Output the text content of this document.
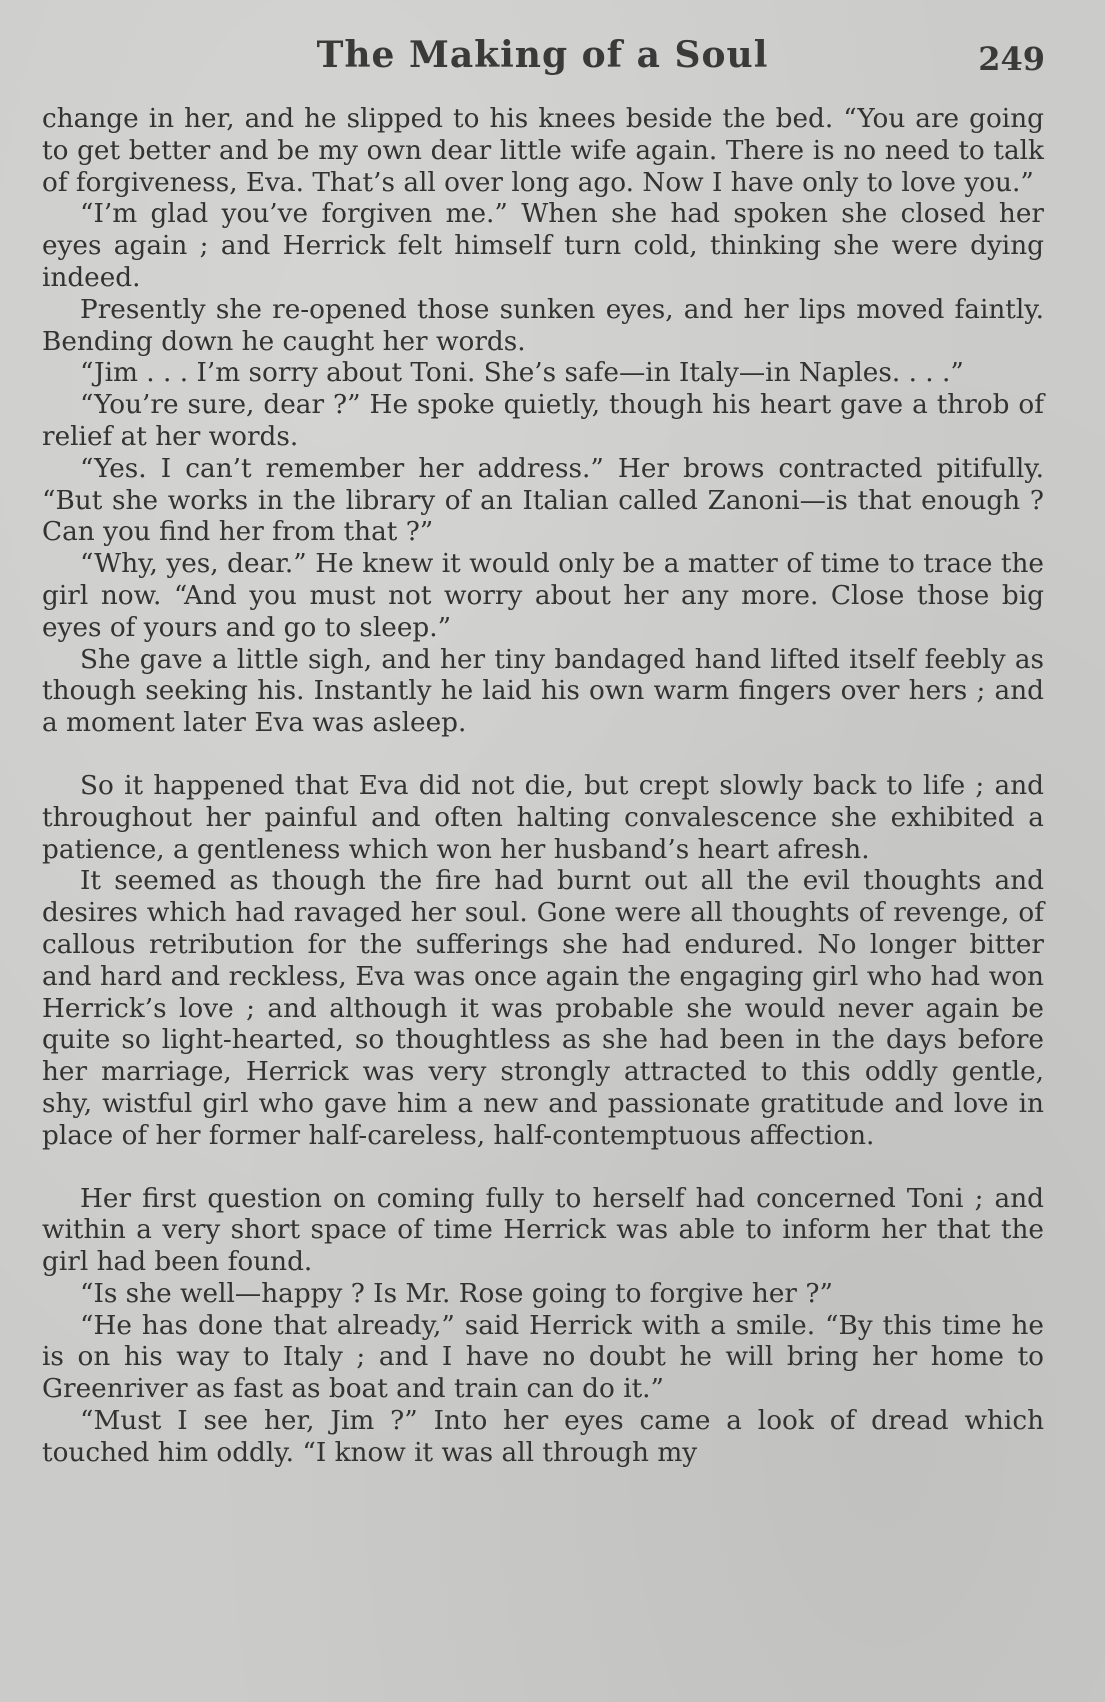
The Making of a Soul	249

change in her, and he slipped to his knees beside the bed. “You are going to get better and be my own dear little wife again. There is no need to talk of forgiveness, Eva. That’s all over long ago. Now I have only to love you.”

“I’m glad you’ve forgiven me.” When she had spoken she closed her eyes again ; and Herrick felt himself turn cold, thinking she were dying indeed.

Presently she re-opened those sunken eyes, and her lips moved faintly. Bending down he caught her words.

“Jim . . . I’m sorry about Toni. She’s safe—in Italy—in Naples. . . .”

“You’re sure, dear ?” He spoke quietly, though his heart gave a throb of relief at her words.

“Yes. I can’t remember her address.” Her brows contracted pitifully. “But she works in the library of an Italian called Zanoni—is that enough ? Can you find her from that ?”

“Why, yes, dear.” He knew it would only be a matter of time to trace the girl now. “And you must not worry about her any more. Close those big eyes of yours and go to sleep.”

She gave a little sigh, and her tiny bandaged hand lifted itself feebly as though seeking his. Instantly he laid his own warm fingers over hers ; and a moment later Eva was asleep.

So it happened that Eva did not die, but crept slowly back to life ; and throughout her painful and often halting convalescence she exhibited a patience, a gentleness which won her husband’s heart afresh.

It seemed as though the fire had burnt out all the evil thoughts and desires which had ravaged her soul. Gone were all thoughts of revenge, of callous retribution for the sufferings she had endured. No longer bitter and hard and reckless, Eva was once again the engaging girl who had won Herrick’s love ; and although it was probable she would never again be quite so light-hearted, so thoughtless as she had been in the days before her marriage, Herrick was very strongly attracted to this oddly gentle, shy, wistful girl who gave him a new and passionate gratitude and love in place of her former half-careless, half-contemptuous affection.

Her first question on coming fully to herself had concerned Toni ; and within a very short space of time Herrick was able to inform her that the girl had been found.

“Is she well—happy ? Is Mr. Rose going to forgive her ?”

“He has done that already,” said Herrick with a smile. “By this time he is on his way to Italy ; and I have no doubt he will bring her home to Greenriver as fast as boat and train can do it.”

“Must I see her, Jim ?” Into her eyes came a look of dread which touched him oddly. “I know it was all through my
